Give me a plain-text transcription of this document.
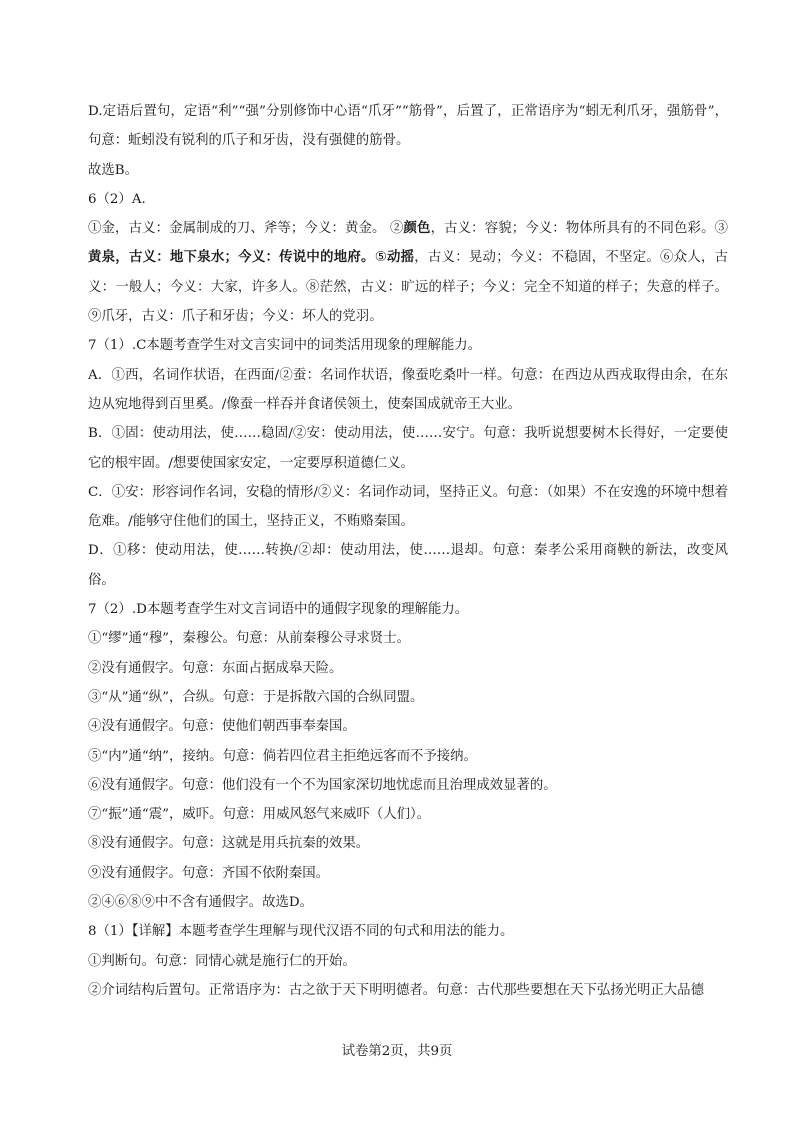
D.定语后置句，定语“利”“强”分别修饰中心语“爪牙”“筋骨”，后置了，正常语序为“蚓无利爪牙，强筋骨”，句意：蚯蚓没有锐利的爪子和牙齿，没有强健的筋骨。

故选B。

6（2）A.

①金，古义：金属制成的刀、斧等；今义：黄金。 ②颜色，古义：容貌；今义：物体所具有的不同色彩。③黄泉，古义：地下泉水；今义：传说中的地府。⑤动摇，古义：晃动；今义：不稳固，不坚定。⑥众人，古义：一般人；今义：大家，许多人。⑧茫然，古义：旷远的样子；今义：完全不知道的样子；失意的样子。⑨爪牙，古义：爪子和牙齿；今义：坏人的党羽。

7（1）.C本题考查学生对文言实词中的词类活用现象的理解能力。

A．①西，名词作状语，在西面/②蚕：名词作状语，像蚕吃桑叶一样。句意：在西边从西戎取得由余，在东边从宛地得到百里奚。/像蚕一样吞并食诸侯领土，使秦国成就帝王大业。

B．①固：使动用法，使……稳固/②安：使动用法，使……安宁。句意：我听说想要树木长得好，一定要使它的根牢固。/想要使国家安定，一定要厚积道德仁义。

C．①安：形容词作名词，安稳的情形/②义：名词作动词，坚持正义。句意：（如果）不在安逸的环境中想着危难。/能够守住他们的国土，坚持正义，不贿赂秦国。

D．①移：使动用法，使……转换/②却：使动用法，使……退却。句意：秦孝公采用商鞅的新法，改变风俗。

7（2）.D本题考查学生对文言词语中的通假字现象的理解能力。

①“缪”通“穆”，秦穆公。句意：从前秦穆公寻求贤士。

②没有通假字。句意：东面占据成皋天险。

③“从”通“纵”，合纵。句意：于是拆散六国的合纵同盟。

④没有通假字。句意：使他们朝西事奉秦国。

⑤“内”通“纳”，接纳。句意：倘若四位君主拒绝远客而不予接纳。

⑥没有通假字。句意：他们没有一个不为国家深切地忧虑而且治理成效显著的。

⑦“振”通“震”，威吓。句意：用威风怒气来威吓（人们）。

⑧没有通假字。句意：这就是用兵抗秦的效果。

⑨没有通假字。句意：齐国不依附秦国。

②④⑥⑧⑨中不含有通假字。故选D。

8（1）【详解】本题考查学生理解与现代汉语不同的句式和用法的能力。

①判断句。句意：同情心就是施行仁的开始。

②介词结构后置句。正常语序为：古之欲于天下明明德者。句意：古代那些要想在天下弘扬光明正大品德

试卷第2页，共9页
